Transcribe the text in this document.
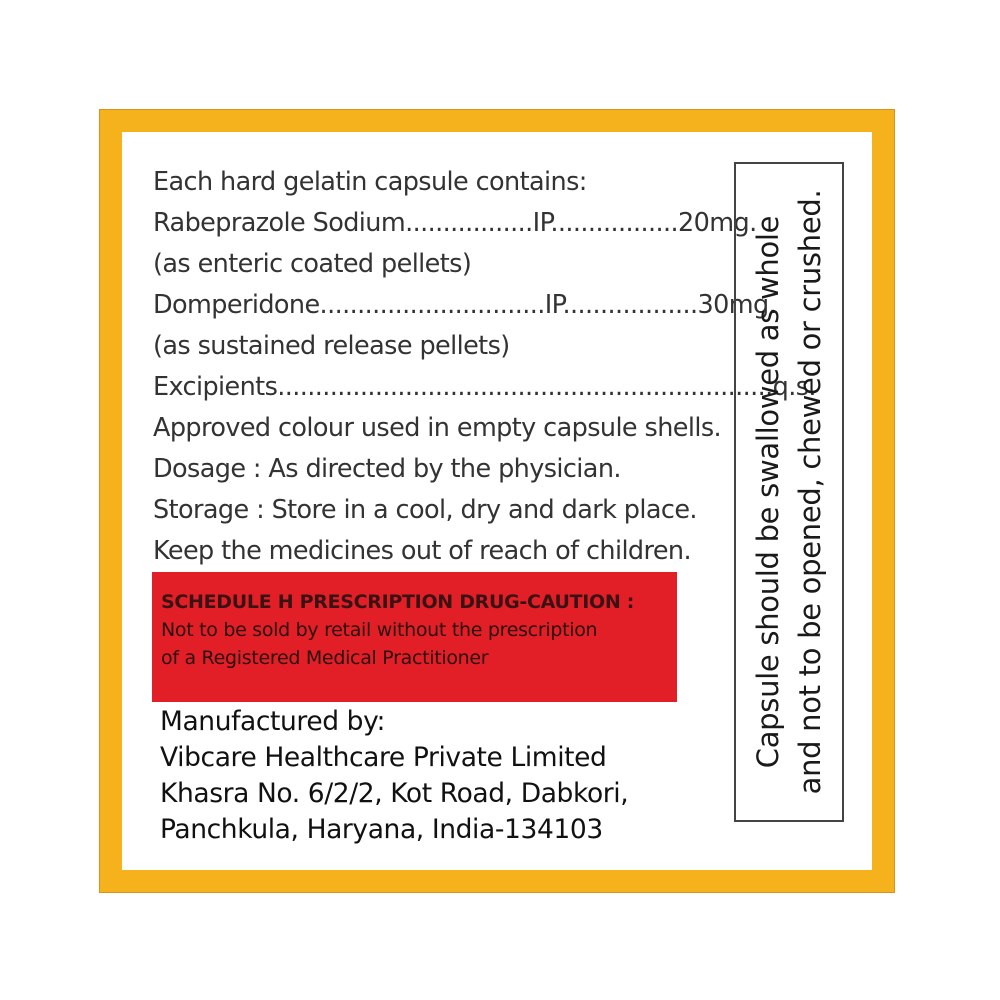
Each hard gelatin capsule contains:
Rabeprazole Sodium.................IP.................20mg.
(as enteric coated pellets)
Domperidone..............................IP..................30mg.
(as sustained release pellets)
Excipients..................................................................q.s.
Approved colour used in empty capsule shells.
Dosage : As directed by the physician.
Storage : Store in a cool, dry and dark place.
Keep the medicines out of reach of children.
SCHEDULE H PRESCRIPTION DRUG-CAUTION :
Not to be sold by retail without the prescription
of a Registered Medical Practitioner
Manufactured by:
Vibcare Healthcare Private Limited
Khasra No. 6/2/2, Kot Road, Dabkori,
Panchkula, Haryana, India-134103
Capsule should be swallowed as whole and not to be opened, chewed or crushed.
